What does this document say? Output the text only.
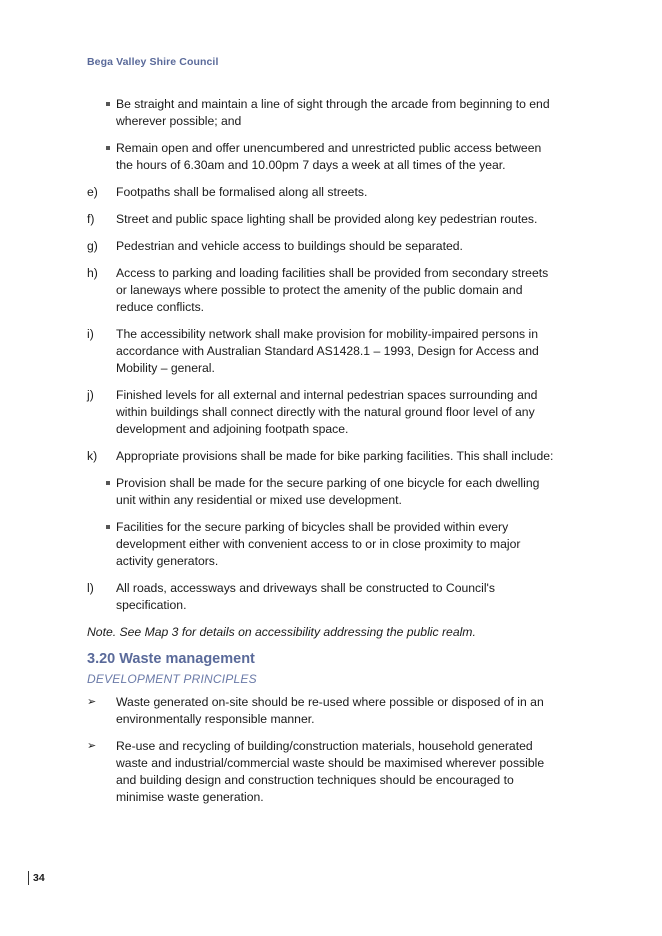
Bega Valley Shire Council
Be straight and maintain a line of sight through the arcade from beginning to end wherever possible; and
Remain open and offer unencumbered and unrestricted public access between the hours of 6.30am and 10.00pm 7 days a week at all times of the year.
e) Footpaths shall be formalised along all streets.
f) Street and public space lighting shall be provided along key pedestrian routes.
g) Pedestrian and vehicle access to buildings should be separated.
h) Access to parking and loading facilities shall be provided from secondary streets or laneways where possible to protect the amenity of the public domain and reduce conflicts.
i) The accessibility network shall make provision for mobility-impaired persons in accordance with Australian Standard AS1428.1 – 1993, Design for Access and Mobility – general.
j) Finished levels for all external and internal pedestrian spaces surrounding and within buildings shall connect directly with the natural ground floor level of any development and adjoining footpath space.
k) Appropriate provisions shall be made for bike parking facilities. This shall include:
Provision shall be made for the secure parking of one bicycle for each dwelling unit within any residential or mixed use development.
Facilities for the secure parking of bicycles shall be provided within every development either with convenient access to or in close proximity to major activity generators.
l) All roads, accessways and driveways shall be constructed to Council's specification.
Note. See Map 3 for details on accessibility addressing the public realm.
3.20 Waste management
DEVELOPMENT PRINCIPLES
➢ Waste generated on-site should be re-used where possible or disposed of in an environmentally responsible manner.
➢ Re-use and recycling of building/construction materials, household generated waste and industrial/commercial waste should be maximised wherever possible and building design and construction techniques should be encouraged to minimise waste generation.
34
